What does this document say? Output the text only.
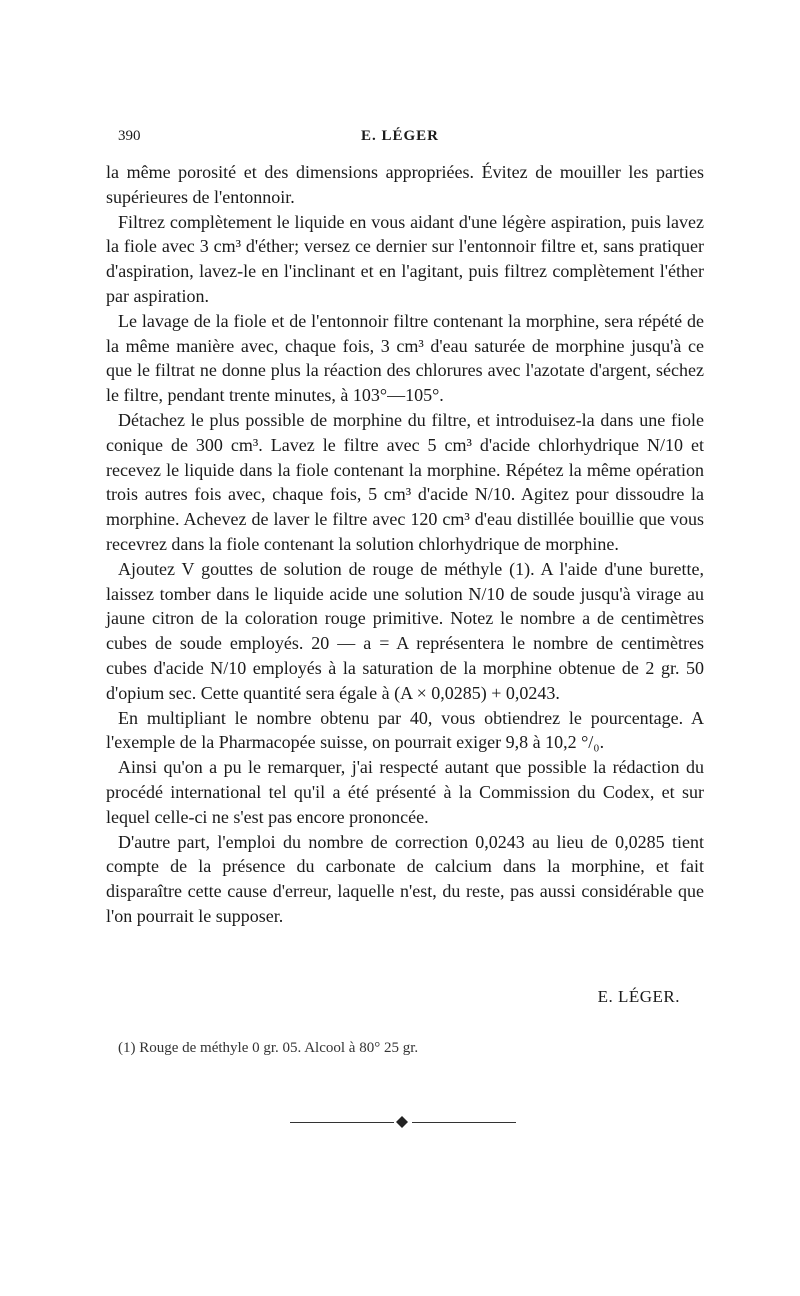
390	E. LÉGER

la même porosité et des dimensions appropriées. Évitez de mouiller les parties supérieures de l'entonnoir.

Filtrez complètement le liquide en vous aidant d'une légère aspiration, puis lavez la fiole avec 3 cm³ d'éther; versez ce dernier sur l'entonnoir filtre et, sans pratiquer d'aspiration, lavez-le en l'inclinant et en l'agitant, puis filtrez complètement l'éther par aspiration.

Le lavage de la fiole et de l'entonnoir filtre contenant la morphine, sera répété de la même manière avec, chaque fois, 3 cm³ d'eau saturée de morphine jusqu'à ce que le filtrat ne donne plus la réaction des chlorures avec l'azotate d'argent, séchez le filtre, pendant trente minutes, à 103°—105°.

Détachez le plus possible de morphine du filtre, et introduisez-la dans une fiole conique de 300 cm³. Lavez le filtre avec 5 cm³ d'acide chlorhydrique N/10 et recevez le liquide dans la fiole contenant la morphine. Répétez la même opération trois autres fois avec, chaque fois, 5 cm³ d'acide N/10. Agitez pour dissoudre la morphine. Achevez de laver le filtre avec 120 cm³ d'eau distillée bouillie que vous recevrez dans la fiole contenant la solution chlorhydrique de morphine.

Ajoutez V gouttes de solution de rouge de méthyle (1). A l'aide d'une burette, laissez tomber dans le liquide acide une solution N/10 de soude jusqu'à virage au jaune citron de la coloration rouge primitive. Notez le nombre a de centimètres cubes de soude employés. 20 — a = A représentera le nombre de centimètres cubes d'acide N/10 employés à la saturation de la morphine obtenue de 2 gr. 50 d'opium sec. Cette quantité sera égale à (A × 0,0285) + 0,0243.

En multipliant le nombre obtenu par 40, vous obtiendrez le pourcentage. A l'exemple de la Pharmacopée suisse, on pourrait exiger 9,8 à 10,2 °/₀.

Ainsi qu'on a pu le remarquer, j'ai respecté autant que possible la rédaction du procédé international tel qu'il a été présenté à la Commission du Codex, et sur lequel celle-ci ne s'est pas encore prononcée.

D'autre part, l'emploi du nombre de correction 0,0243 au lieu de 0,0285 tient compte de la présence du carbonate de calcium dans la morphine, et fait disparaître cette cause d'erreur, laquelle n'est, du reste, pas aussi considérable que l'on pourrait le supposer.

E. LÉGER.
(1) Rouge de méthyle 0 gr. 05. Alcool à 80° 25 gr.
